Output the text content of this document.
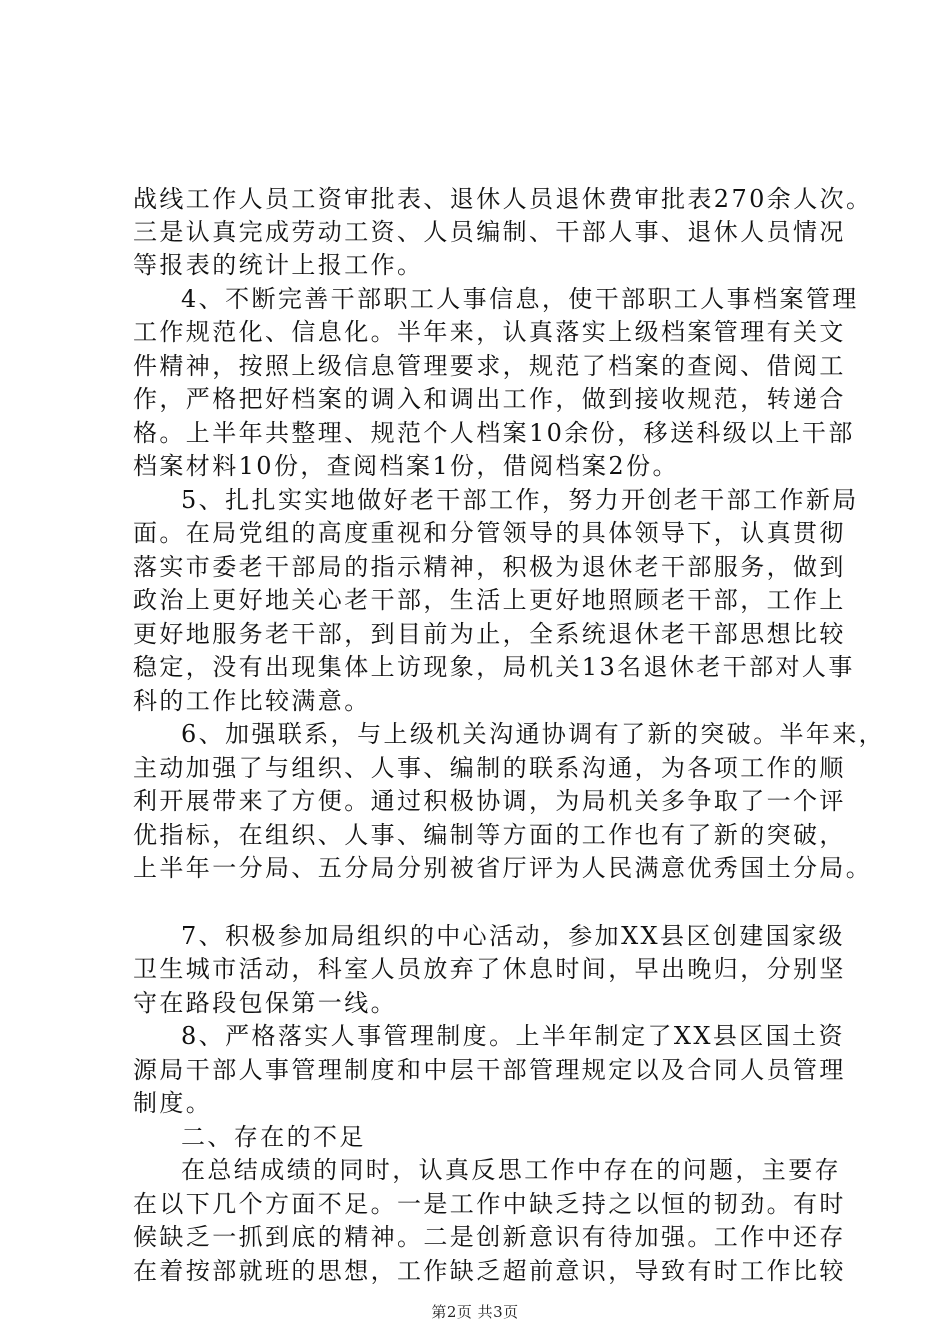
战线工作人员工资审批表、退休人员退休费审批表270余人次。
三是认真完成劳动工资、人员编制、干部人事、退休人员情况
等报表的统计上报工作。
4、不断完善干部职工人事信息，使干部职工人事档案管理
工作规范化、信息化。半年来，认真落实上级档案管理有关文
件精神，按照上级信息管理要求，规范了档案的查阅、借阅工
作，严格把好档案的调入和调出工作，做到接收规范，转递合
格。上半年共整理、规范个人档案10余份，移送科级以上干部
档案材料10份，查阅档案1份，借阅档案2份。
5、扎扎实实地做好老干部工作，努力开创老干部工作新局
面。在局党组的高度重视和分管领导的具体领导下，认真贯彻
落实市委老干部局的指示精神，积极为退休老干部服务，做到
政治上更好地关心老干部，生活上更好地照顾老干部，工作上
更好地服务老干部，到目前为止，全系统退休老干部思想比较
稳定，没有出现集体上访现象，局机关13名退休老干部对人事
科的工作比较满意。
6、加强联系，与上级机关沟通协调有了新的突破。半年来，
主动加强了与组织、人事、编制的联系沟通，为各项工作的顺
利开展带来了方便。通过积极协调，为局机关多争取了一个评
优指标，在组织、人事、编制等方面的工作也有了新的突破，
上半年一分局、五分局分别被省厅评为人民满意优秀国土分局。
7、积极参加局组织的中心活动，参加XX县区创建国家级
卫生城市活动，科室人员放弃了休息时间，早出晚归，分别坚
守在路段包保第一线。
8、严格落实人事管理制度。上半年制定了XX县区国土资
源局干部人事管理制度和中层干部管理规定以及合同人员管理
制度。
二、存在的不足
在总结成绩的同时，认真反思工作中存在的问题，主要存
在以下几个方面不足。一是工作中缺乏持之以恒的韧劲。有时
候缺乏一抓到底的精神。二是创新意识有待加强。工作中还存
在着按部就班的思想，工作缺乏超前意识，导致有时工作比较
第2页 共3页
